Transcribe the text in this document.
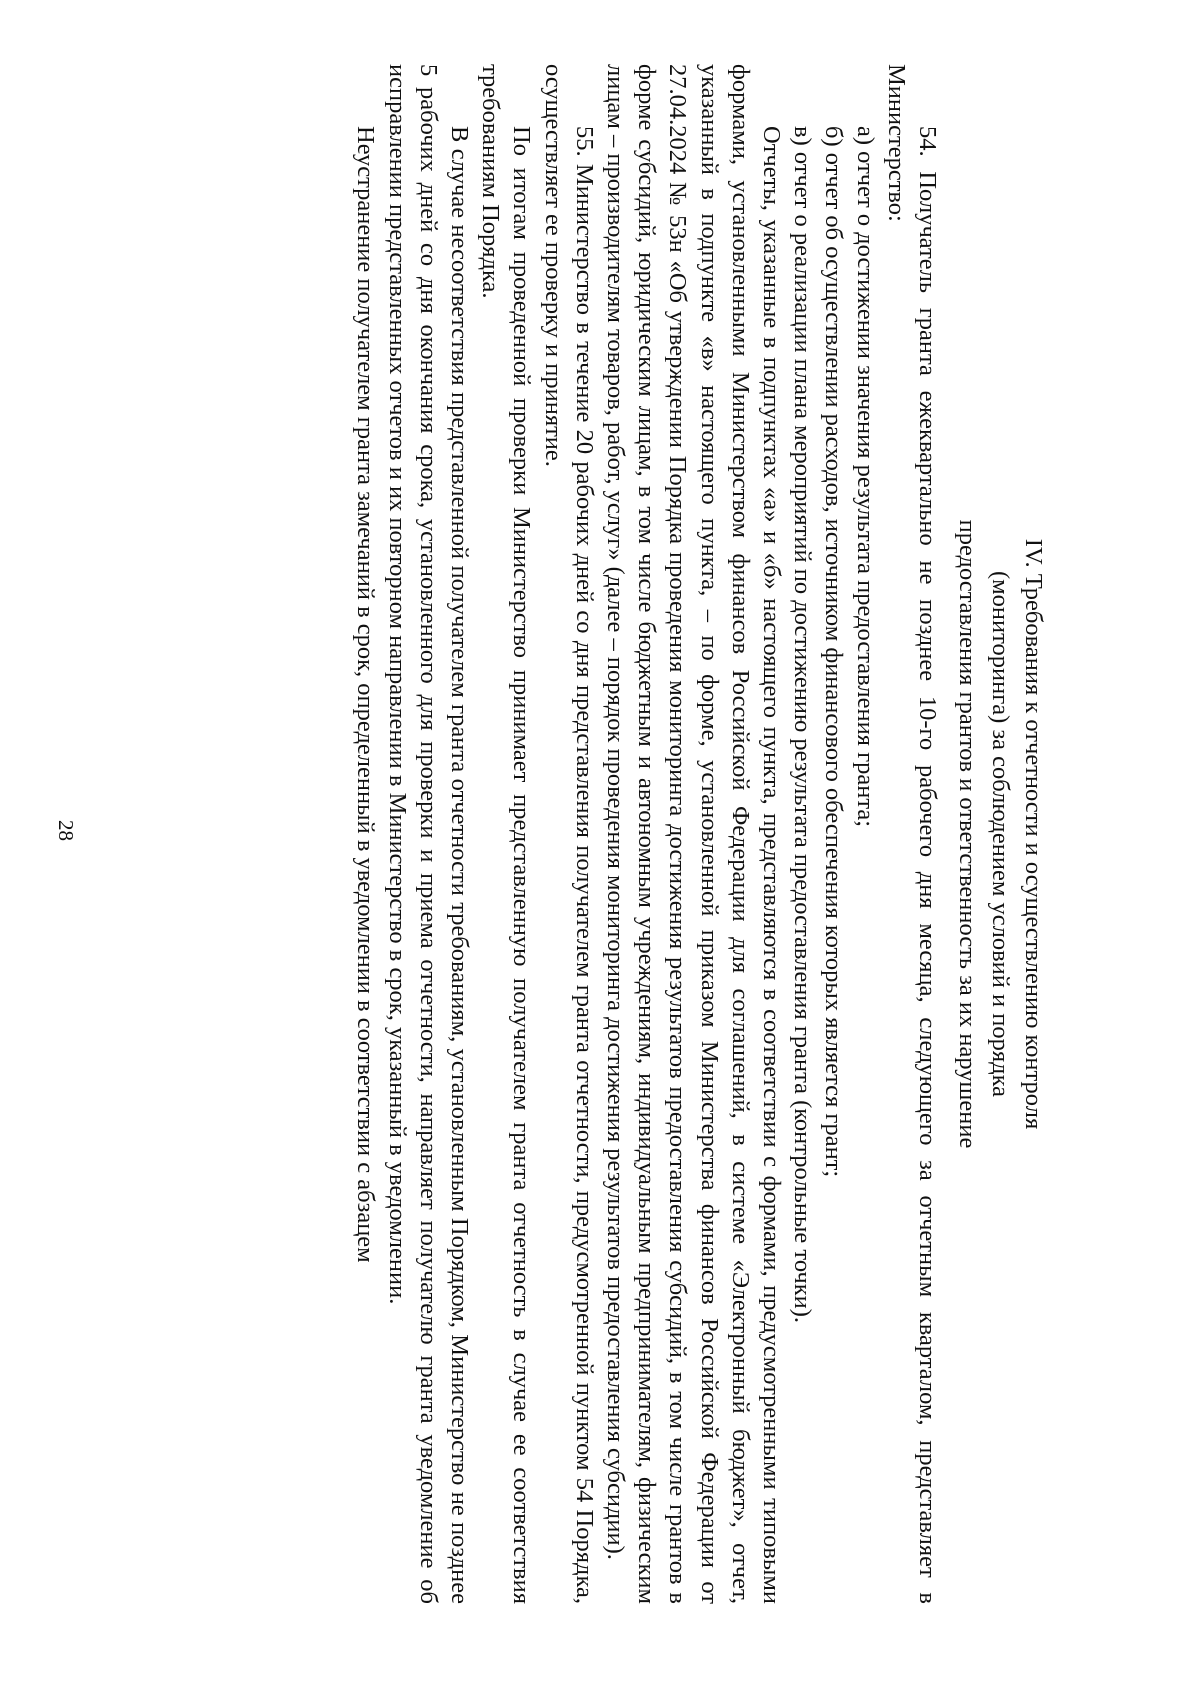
IV. Требования к отчетности и осуществлению контроля
(мониторинга) за соблюдением условий и порядка
предоставления грантов и ответственность за их нарушение

54. Получатель гранта ежеквартально не позднее 10-го рабочего дня месяца, следующего за отчетным кварталом, представляет в Министерство:

а) отчет о достижении значения результата предоставления гранта;

б) отчет об осуществлении расходов, источником финансового обеспечения которых является грант;

в) отчет о реализации плана мероприятий по достижению результата предоставления гранта (контрольные точки).

Отчеты, указанные в подпунктах «а» и «б» настоящего пункта, представляются в соответствии с формами, предусмотренными типовыми формами, установленными Министерством финансов Российской Федерации для соглашений, в системе «Электронный бюджет», отчет, указанный в подпункте «в» настоящего пункта, – по форме, установленной приказом Министерства финансов Российской Федерации от 27.04.2024 № 53н «Об утверждении Порядка проведения мониторинга достижения результатов предоставления субсидий, в том числе грантов в форме субсидий, юридическим лицам, в том числе бюджетным и автономным учреждениям, индивидуальным предпринимателям, физическим лицам – производителям товаров, работ, услуг» (далее – порядок проведения мониторинга достижения результатов предоставления субсидии).

55. Министерство в течение 20 рабочих дней со дня представления получателем гранта отчетности, предусмотренной пунктом 54 Порядка, осуществляет ее проверку и принятие.

По итогам проведенной проверки Министерство принимает представленную получателем гранта отчетность в случае ее соответствия требованиям Порядка.

В случае несоответствия представленной получателем гранта отчетности требованиям, установленным Порядком, Министерство не позднее 5 рабочих дней со дня окончания срока, установленного для проверки и приема отчетности, направляет получателю гранта уведомление об исправлении представленных отчетов и их повторном направлении в Министерство в срок, указанный в уведомлении.

Неустранение получателем гранта замечаний в срок, определенный в уведомлении в соответствии с абзацем

28
